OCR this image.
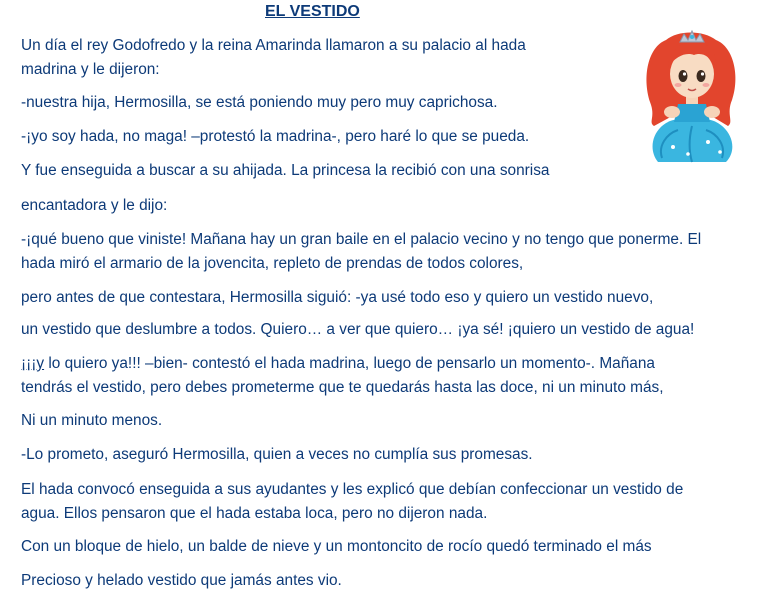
EL VESTIDO
Un día el rey Godofredo y la reina Amarinda llamaron a su palacio al hada
madrina y le dijeron:
-nuestra hija, Hermosilla, se está poniendo muy pero muy caprichosa.
-¡yo soy hada, no maga! –protestó la madrina-, pero haré lo que se pueda.
Y fue enseguida a buscar a su ahijada. La princesa la recibió con una sonrisa
encantadora y le dijo:
-¡qué bueno que viniste! Mañana hay un gran baile en el palacio vecino y no tengo que ponerme. El
hada miró el armario de la jovencita, repleto de prendas de todos colores,
pero antes de que contestara, Hermosilla siguió: -ya usé todo eso y quiero un vestido nuevo,
un vestido que deslumbre a todos. Quiero… a ver que quiero… ¡ya sé! ¡quiero un vestido de agua!
¡¡¡y lo quiero ya!!! –bien- contestó el hada madrina, luego de pensarlo un momento-. Mañana
tendrás el vestido, pero debes prometerme que te quedarás hasta las doce, ni un minuto más,
Ni un minuto menos.
-Lo prometo, aseguró Hermosilla, quien a veces no cumplía sus promesas.
El hada convocó enseguida a sus ayudantes y les explicó que debían confeccionar un vestido de
agua. Ellos pensaron que el hada estaba loca, pero no dijeron nada.
Con un bloque de hielo, un balde de nieve y un montoncito de rocío quedó terminado el más
Precioso y helado vestido que jamás antes vio.
